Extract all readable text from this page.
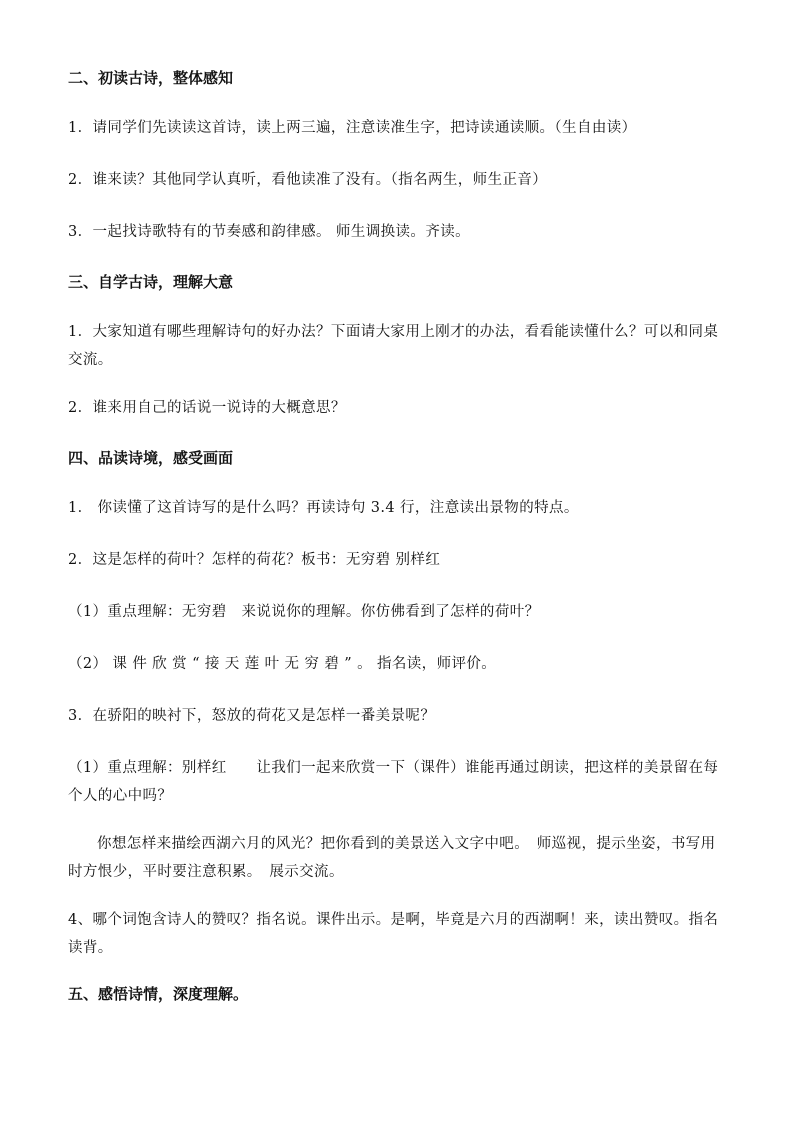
二、初读古诗，整体感知
1．请同学们先读读这首诗，读上两三遍，注意读准生字，把诗读通读顺。（生自由读）
2．谁来读？其他同学认真听，看他读准了没有。（指名两生，师生正音）
3．一起找诗歌特有的节奏感和韵律感。 师生调换读。齐读。
三、自学古诗，理解大意
1．大家知道有哪些理解诗句的好办法？下面请大家用上刚才的办法，看看能读懂什么？可以和同桌交流。
2．谁来用自己的话说一说诗的大概意思？
四、品读诗境，感受画面
1． 你读懂了这首诗写的是什么吗？再读诗句 3.4 行，注意读出景物的特点。
2．这是怎样的荷叶？怎样的荷花？板书：无穷碧 别样红
（1）重点理解：无穷碧　来说说你的理解。你仿佛看到了怎样的荷叶？
（2） 课 件 欣 赏 “ 接 天 莲 叶 无 穷 碧 ” 。 指名读，师评价。
3．在骄阳的映衬下，怒放的荷花又是怎样一番美景呢？
（1）重点理解：别样红　　让我们一起来欣赏一下（课件）谁能再通过朗读，把这样的美景留在每个人的心中吗？
你想怎样来描绘西湖六月的风光？把你看到的美景送入文字中吧。　师巡视，提示坐姿，书写用时方恨少，平时要注意积累。　展示交流。
4、哪个词饱含诗人的赞叹？指名说。课件出示。是啊，毕竟是六月的西湖啊！来，读出赞叹。指名读背。
五、感悟诗情，深度理解。
